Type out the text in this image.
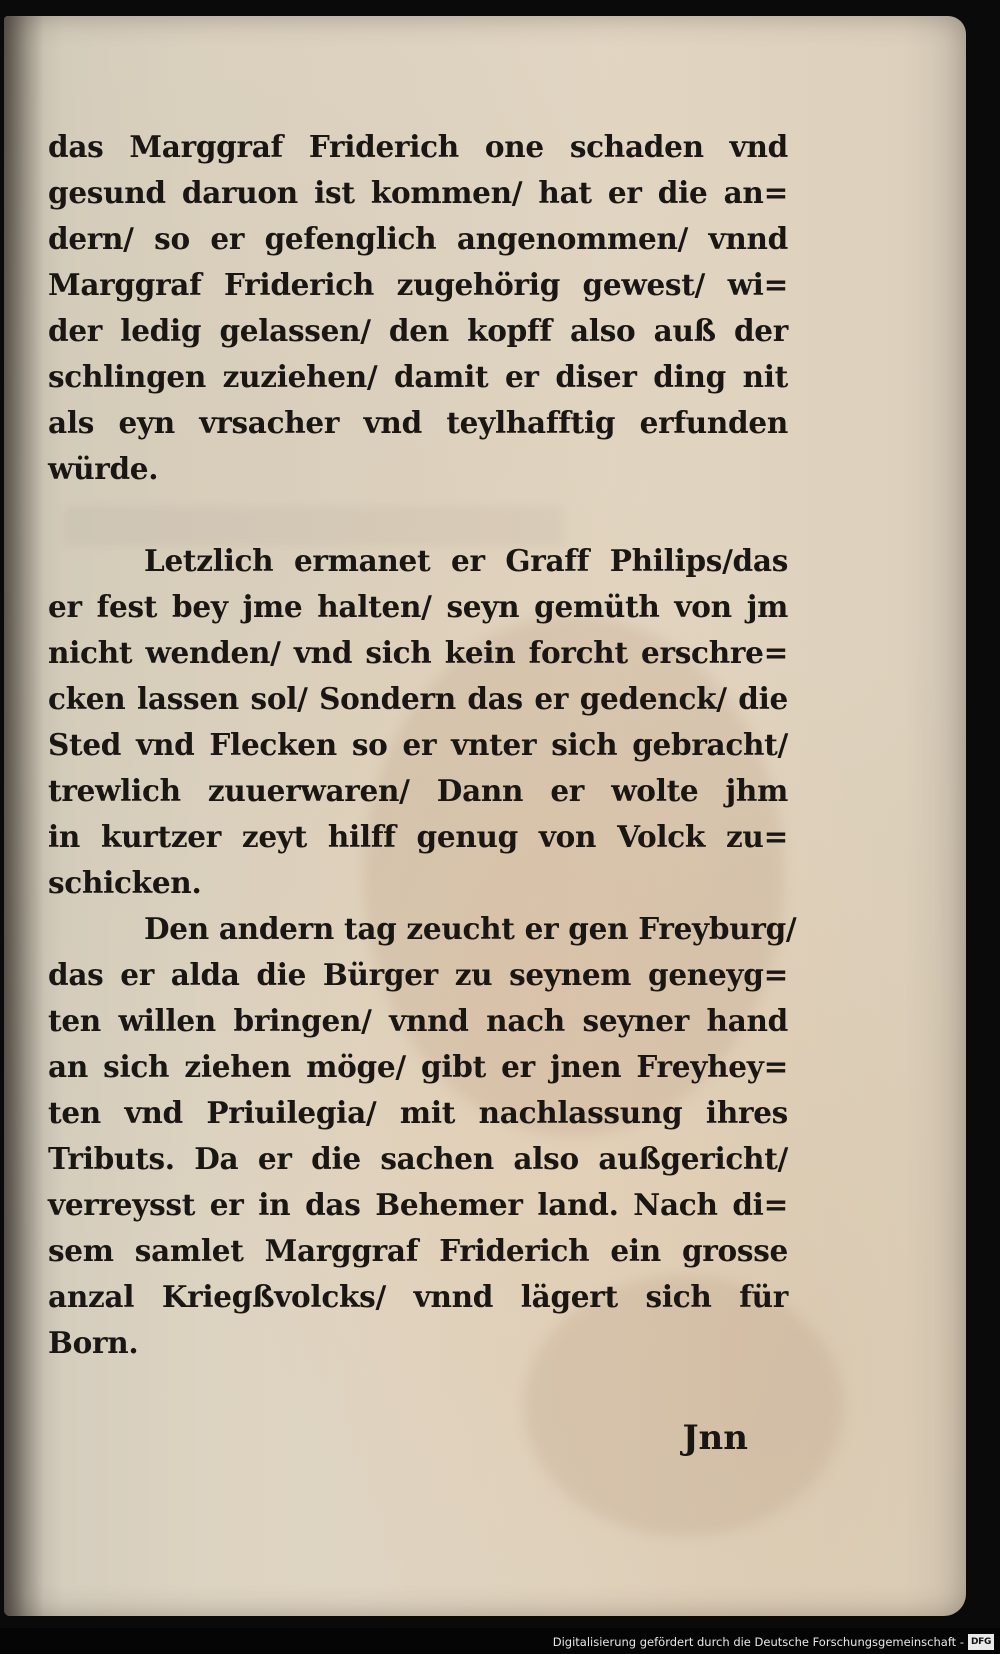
das Marggraf Friderich one schaden vnd
gesund daruon ist kommen/ hat er die an=
dern/ so er gefenglich angenommen/ vnnd
Marggraf Friderich zugehörig gewest/ wi=
der ledig gelassen/ den kopff also auß der
schlingen zuziehen/ damit er diser ding nit
als eyn vrsacher vnd teylhafftig erfunden
würde.
Letzlich ermanet er Graff Philips/das
er fest bey jme halten/ seyn gemüth von jm
nicht wenden/ vnd sich kein forcht erschre=
cken lassen sol/ Sondern das er gedenck/ die
Sted vnd Flecken so er vnter sich gebracht/
trewlich zuuerwaren/ Dann er wolte jhm
in kurtzer zeyt hilff genug von Volck zu=
schicken.
Den andern tag zeucht er gen Freyburg/
das er alda die Bürger zu seynem geneyg=
ten willen bringen/ vnnd nach seyner hand
an sich ziehen möge/ gibt er jnen Freyhey=
ten vnd Priuilegia/ mit nachlassung ihres
Tributs. Da er die sachen also außgericht/
verreysst er in das Behemer land. Nach di=
sem samlet Marggraf Friderich ein grosse
anzal Kriegßvolcks/ vnnd lägert sich für
Born.
Jnn
Digitalisierung gefördert durch die Deutsche Forschungsgemeinschaft - DFG
